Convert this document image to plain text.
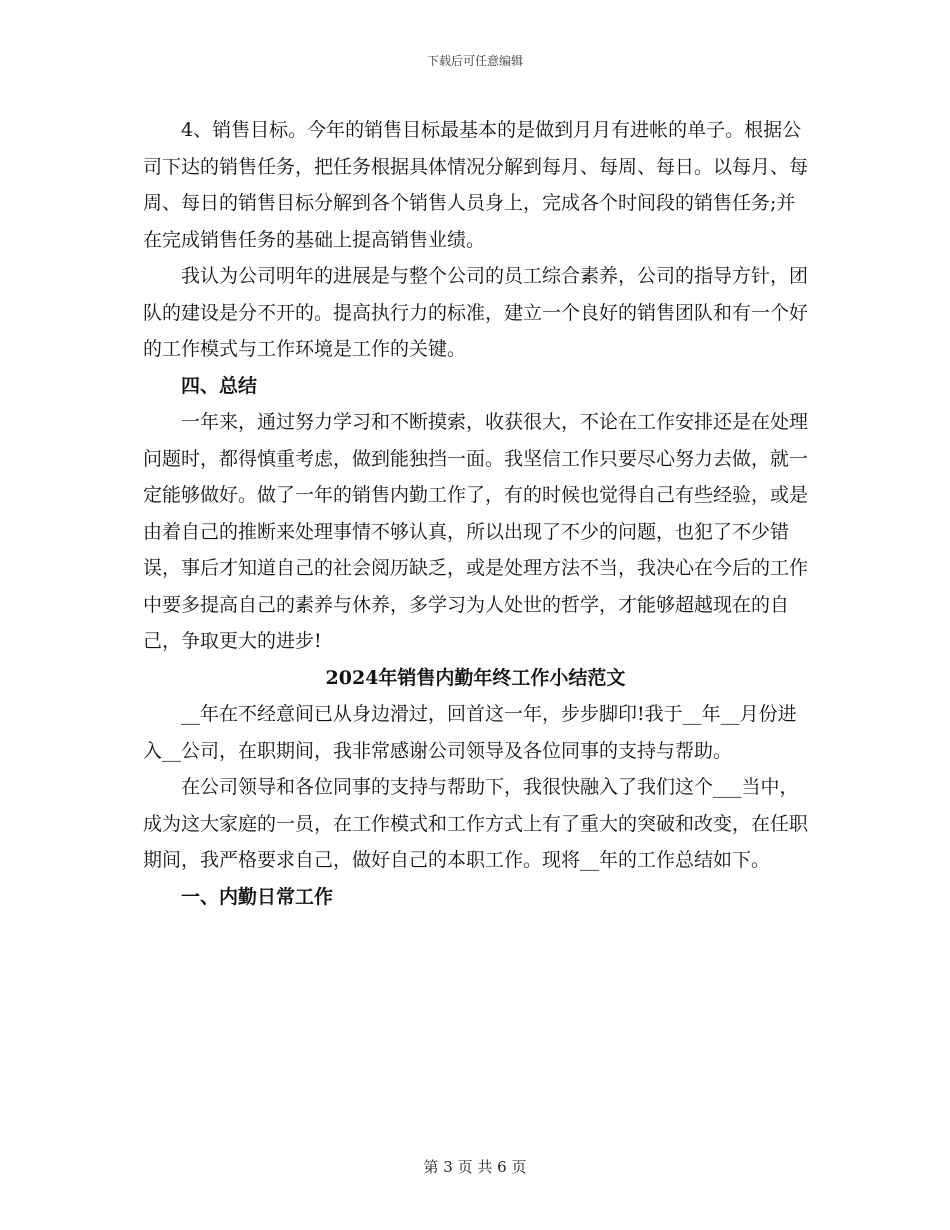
下载后可任意编辑

4、销售目标。今年的销售目标最基本的是做到月月有进帐的单子。根据公司下达的销售任务，把任务根据具体情况分解到每月、每周、每日。以每月、每周、每日的销售目标分解到各个销售人员身上，完成各个时间段的销售任务;并在完成销售任务的基础上提高销售业绩。

我认为公司明年的进展是与整个公司的员工综合素养，公司的指导方针，团队的建设是分不开的。提高执行力的标准，建立一个良好的销售团队和有一个好的工作模式与工作环境是工作的关键。

四、总结

一年来，通过努力学习和不断摸索，收获很大，不论在工作安排还是在处理问题时，都得慎重考虑，做到能独挡一面。我坚信工作只要尽心努力去做，就一定能够做好。做了一年的销售内勤工作了，有的时候也觉得自己有些经验，或是由着自己的推断来处理事情不够认真，所以出现了不少的问题，也犯了不少错误，事后才知道自己的社会阅历缺乏，或是处理方法不当，我决心在今后的工作中要多提高自己的素养与休养，多学习为人处世的哲学，才能够超越现在的自己，争取更大的进步!

2024年销售内勤年终工作小结范文

__年在不经意间已从身边滑过，回首这一年，步步脚印!我于__年__月份进入__公司，在职期间，我非常感谢公司领导及各位同事的支持与帮助。

在公司领导和各位同事的支持与帮助下，我很快融入了我们这个___当中，成为这大家庭的一员，在工作模式和工作方式上有了重大的突破和改变，在任职期间，我严格要求自己，做好自己的本职工作。现将__年的工作总结如下。

一、内勤日常工作

第 3 页 共 6 页
